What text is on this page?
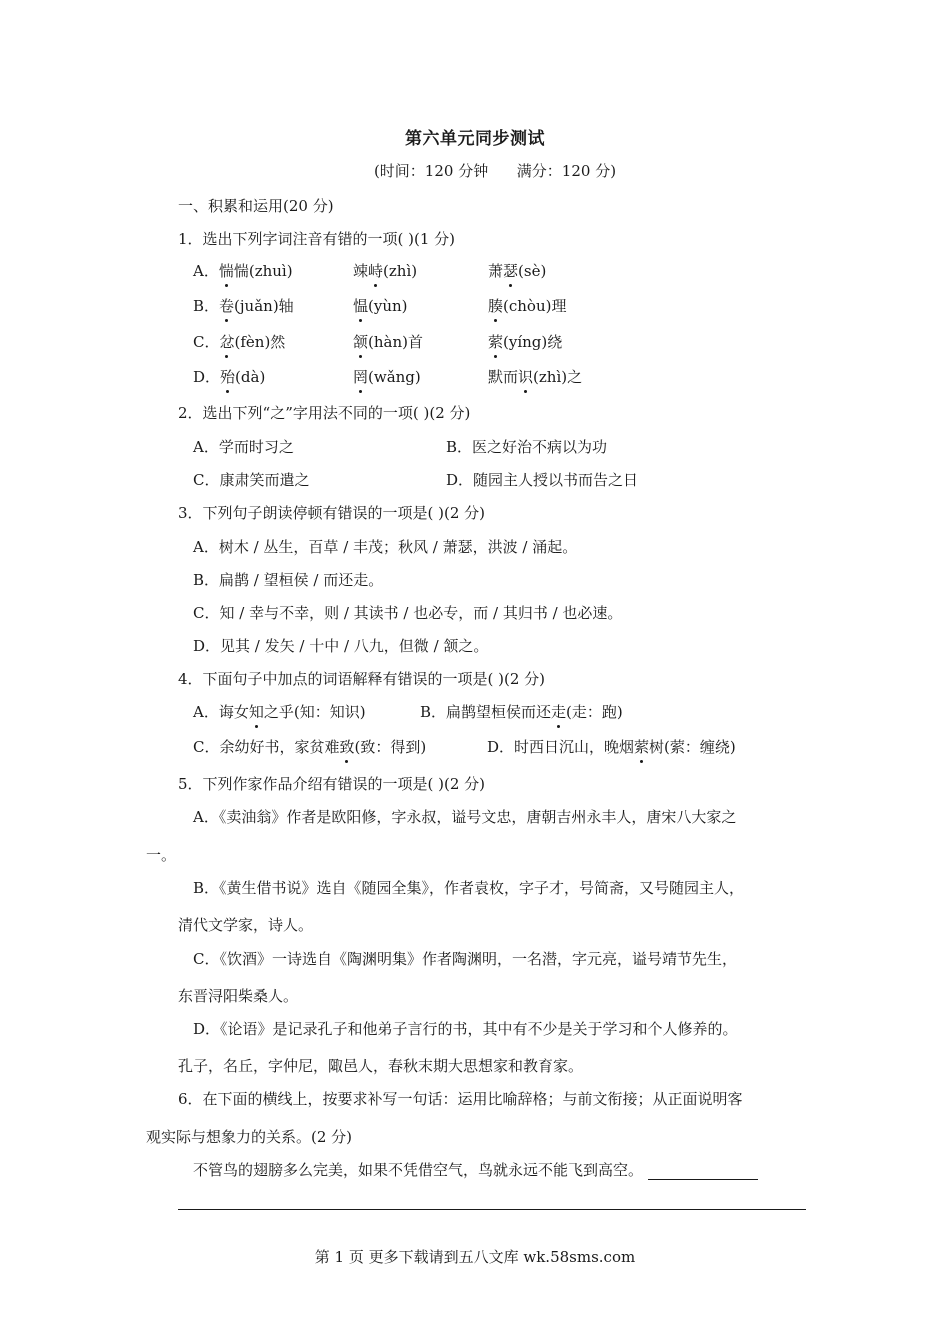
第六单元同步测试
(时间：120 分钟      满分：120 分)
一、积累和运用(20 分)
1．选出下列字词注音有错的一项( )(1 分)
A．惴惴(zhuì)	竦峙(zhì)	萧瑟(sè)
B．卷(juǎn)轴	愠(yùn)	腠(chòu)理
C．忿(fèn)然	颔(hàn)首	萦(yíng)绕
D．殆(dà)	罔(wǎng)	默而识(zhì)之
2．选出下列“之”字用法不同的一项( )(2 分)
A．学而时习之	B．医之好治不病以为功
C．康肃笑而遣之	D．随园主人授以书而告之日
3．下列句子朗读停顿有错误的一项是( )(2 分)
A．树木 / 丛生，百草 / 丰茂；秋风 / 萧瑟，洪波 / 涌起。
B．扁鹊 / 望桓侯 / 而还走。
C．知 / 幸与不幸，则 / 其读书 / 也必专，而 / 其归书 / 也必速。
D．见其 / 发矢 / 十中 / 八九，但微 / 颔之。
4．下面句子中加点的词语解释有错误的一项是( )(2 分)
A．诲女知之乎(知：知识)	B．扁鹊望桓侯而还走(走：跑)
C．余幼好书，家贫难致(致：得到)	D．时西日沉山，晚烟萦树(萦：缠绕)
5．下列作家作品介绍有错误的一项是( )(2 分)
A．《卖油翁》作者是欧阳修，字永叔，谥号文忠，唐朝吉州永丰人，唐宋八大家之
一。
B．《黄生借书说》选自《随园全集》，作者袁枚，字子才，号简斋，又号随园主人，
清代文学家，诗人。
C．《饮酒》一诗选自《陶渊明集》作者陶渊明，一名潜，字元亮，谥号靖节先生，
东晋浔阳柴桑人。
D．《论语》是记录孔子和他弟子言行的书，其中有不少是关于学习和个人修养的。
孔子，名丘，字仲尼，陬邑人，春秋末期大思想家和教育家。
6．在下面的横线上，按要求补写一句话：运用比喻辞格；与前文衔接；从正面说明客
观实际与想象力的关系。(2 分)
不管鸟的翅膀多么完美，如果不凭借空气，鸟就永远不能飞到高空。
第 1 页 更多下载请到五八文库 wk.58sms.com
